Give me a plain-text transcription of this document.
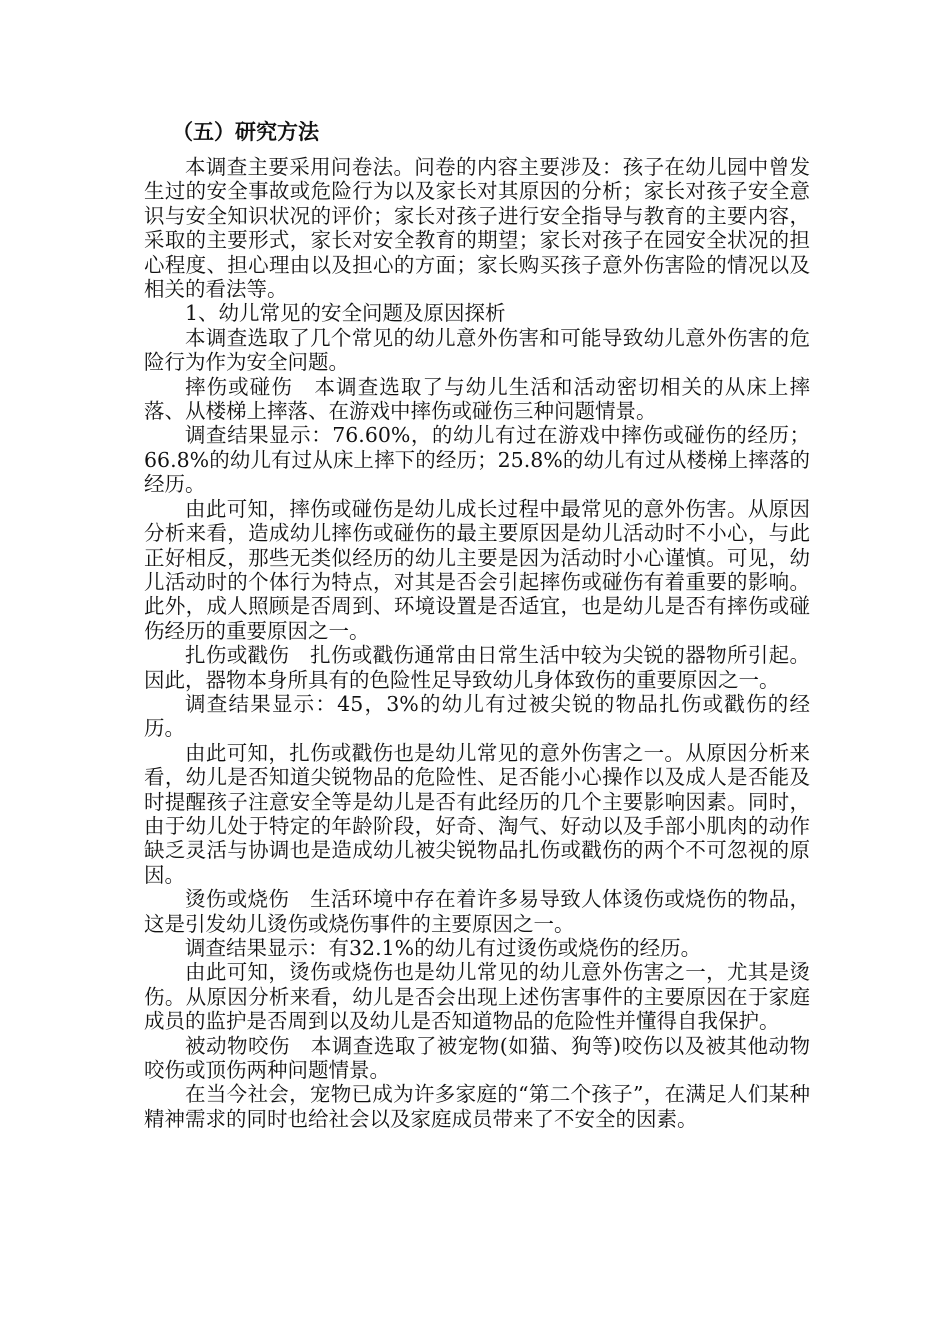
（五）研究方法

本调查主要采用问卷法。问卷的内容主要涉及：孩子在幼儿园中曾发生过的安全事故或危险行为以及家长对其原因的分析；家长对孩子安全意识与安全知识状况的评价；家长对孩子进行安全指导与教育的主要内容，采取的主要形式，家长对安全教育的期望；家长对孩子在园安全状况的担心程度、担心理由以及担心的方面；家长购买孩子意外伤害险的情况以及相关的看法等。

1、幼儿常见的安全问题及原因探析

本调查选取了几个常见的幼儿意外伤害和可能导致幼儿意外伤害的危险行为作为安全问题。

摔伤或碰伤　本调查选取了与幼儿生活和活动密切相关的从床上摔落、从楼梯上摔落、在游戏中摔伤或碰伤三种问题情景。

调查结果显示：76.60%，的幼儿有过在游戏中摔伤或碰伤的经历；66.8%的幼儿有过从床上摔下的经历；25.8%的幼儿有过从楼梯上摔落的经历。

由此可知，摔伤或碰伤是幼儿成长过程中最常见的意外伤害。从原因分析来看，造成幼儿摔伤或碰伤的最主要原因是幼儿活动时不小心，与此正好相反，那些无类似经历的幼儿主要是因为活动时小心谨慎。可见，幼儿活动时的个体行为特点，对其是否会引起摔伤或碰伤有着重要的影响。此外，成人照顾是否周到、环境设置是否适宜，也是幼儿是否有摔伤或碰伤经历的重要原因之一。

扎伤或戳伤　扎伤或戳伤通常由日常生活中较为尖锐的器物所引起。因此，器物本身所具有的色险性足导致幼儿身体致伤的重要原因之一。

调查结果显示：45，3%的幼儿有过被尖锐的物品扎伤或戳伤的经历。

由此可知，扎伤或戳伤也是幼儿常见的意外伤害之一。从原因分析来看，幼儿是否知道尖锐物品的危险性、足否能小心操作以及成人是否能及时提醒孩子注意安全等是幼儿是否有此经历的几个主要影响因素。同时，由于幼儿处于特定的年龄阶段，好奇、淘气、好动以及手部小肌肉的动作缺乏灵活与协调也是造成幼儿被尖锐物品扎伤或戳伤的两个不可忽视的原因。

烫伤或烧伤　生活环境中存在着许多易导致人体烫伤或烧伤的物品，这是引发幼儿烫伤或烧伤事件的主要原因之一。

调查结果显示：有32.1%的幼儿有过烫伤或烧伤的经历。

由此可知，烫伤或烧伤也是幼儿常见的幼儿意外伤害之一，尤其是烫伤。从原因分析来看，幼儿是否会出现上述伤害事件的主要原因在于家庭成员的监护是否周到以及幼儿是否知道物品的危险性并懂得自我保护。

被动物咬伤　本调查选取了被宠物(如猫、狗等)咬伤以及被其他动物咬伤或顶伤两种问题情景。

在当今社会，宠物已成为许多家庭的“第二个孩子”，在满足人们某种精神需求的同时也给社会以及家庭成员带来了不安全的因素。
